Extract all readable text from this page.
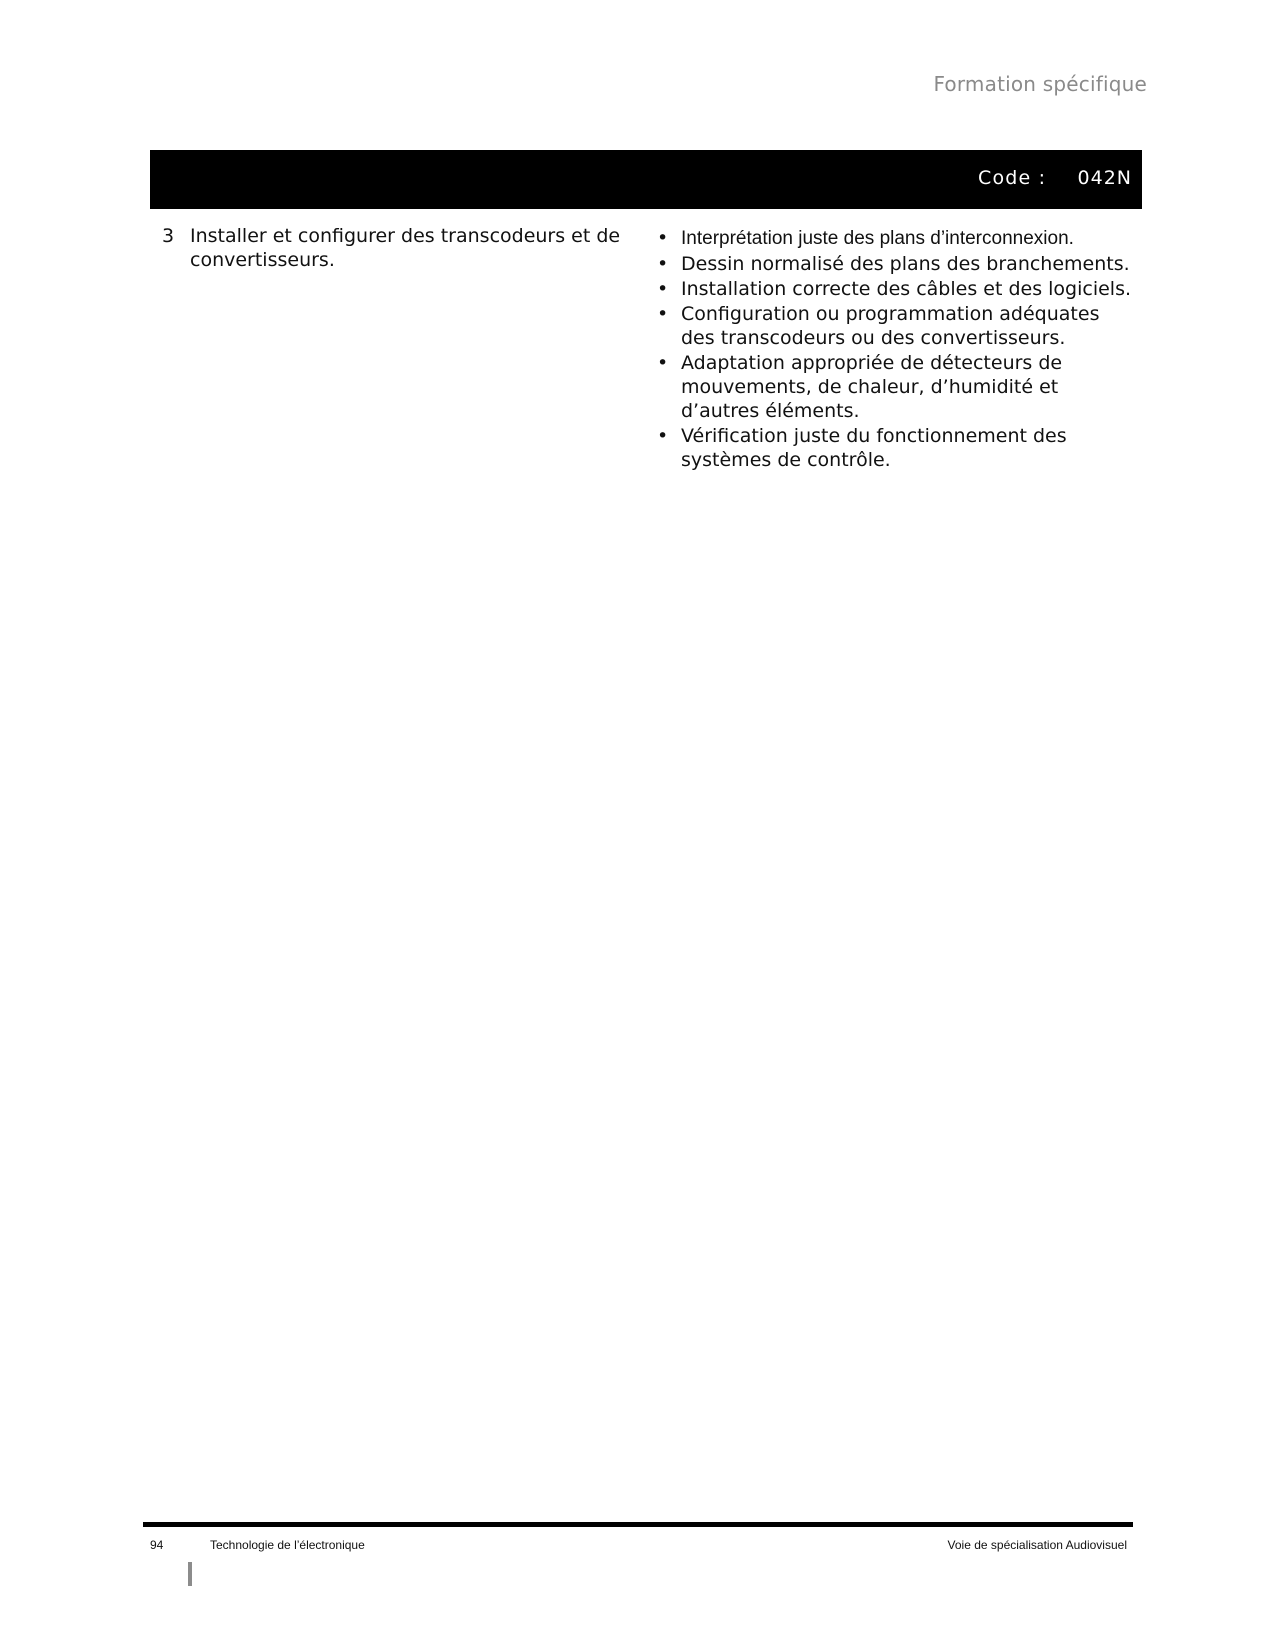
Formation spécifique
Code : 042N
3 Installer et configurer des transcodeurs et de convertisseurs.
• Interprétation juste des plans d’interconnexion.
• Dessin normalisé des plans des branchements.
• Installation correcte des câbles et des logiciels.
• Configuration ou programmation adéquates des transcodeurs ou des convertisseurs.
• Adaptation appropriée de détecteurs de mouvements, de chaleur, d’humidité et d’autres éléments.
• Vérification juste du fonctionnement des systèmes de contrôle.
94	Technologie de l’électronique	Voie de spécialisation Audiovisuel
